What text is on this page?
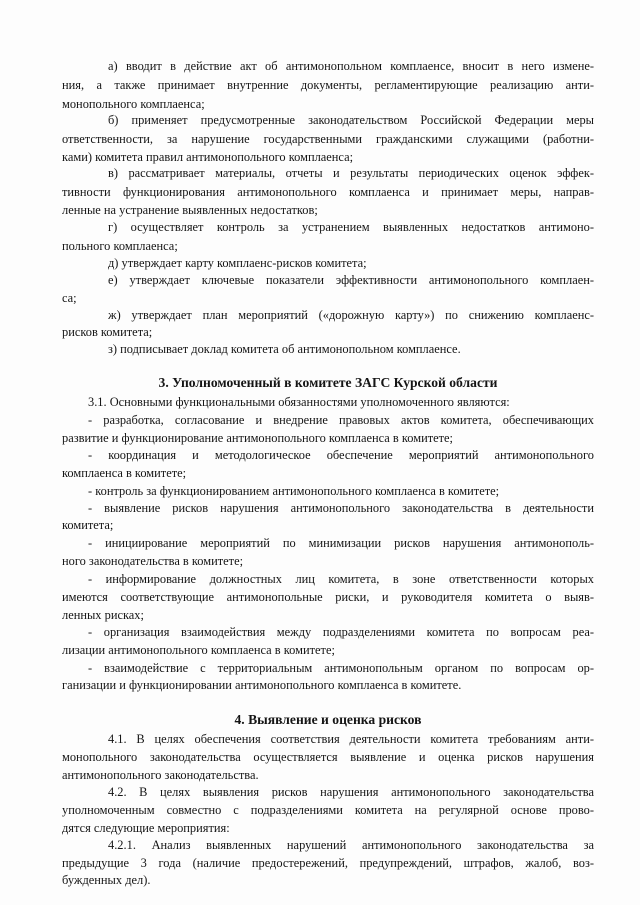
а) вводит в действие акт об антимонопольном комплаенсе, вносит в него измене-

ния, а также принимает внутренние документы, регламентирующие реализацию анти-

монопольного комплаенса;

б) применяет предусмотренные законодательством Российской Федерации меры

ответственности, за нарушение государственными гражданскими служащими (работни-

ками) комитета правил антимонопольного комплаенса;

в) рассматривает материалы, отчеты и результаты периодических оценок эффек-

тивности функционирования антимонопольного комплаенса и принимает меры, направ-

ленные на устранение выявленных недостатков;

г) осуществляет контроль за устранением выявленных недостатков антимоно-

польного комплаенса;

д) утверждает карту комплаенс-рисков комитета;

е) утверждает ключевые показатели эффективности антимонопольного комплаен-

са;

ж) утверждает план мероприятий («дорожную карту») по снижению комплаенс-

рисков комитета;

з) подписывает доклад комитета об антимонопольном комплаенсе.

3. Уполномоченный в комитете ЗАГС Курской области

3.1. Основными функциональными обязанностями уполномоченного являются:

- разработка, согласование и внедрение правовых актов комитета, обеспечивающих

развитие и функционирование антимонопольного комплаенса в комитете;

- координация и методологическое обеспечение мероприятий антимонопольного

комплаенса в комитете;

- контроль за функционированием антимонопольного комплаенса в комитете;

- выявление рисков нарушения антимонопольного законодательства в деятельности

комитета;

- инициирование мероприятий по минимизации рисков нарушения антимонополь-

ного законодательства в комитете;

- информирование должностных лиц комитета, в зоне ответственности которых

имеются соответствующие антимонопольные риски, и руководителя комитета о выяв-

ленных рисках;

- организация взаимодействия между подразделениями комитета по вопросам реа-

лизации антимонопольного комплаенса в комитете;

- взаимодействие с территориальным антимонопольным органом по вопросам ор-

ганизации и функционировании антимонопольного комплаенса в комитете.

4. Выявление и оценка рисков

4.1. В целях обеспечения соответствия деятельности комитета требованиям анти-

монопольного законодательства осуществляется выявление и оценка рисков нарушения

антимонопольного законодательства.

4.2. В целях выявления рисков нарушения антимонопольного законодательства

уполномоченным совместно с подразделениями комитета на регулярной основе прово-

дятся следующие мероприятия:

4.2.1. Анализ выявленных нарушений антимонопольного законодательства за

предыдущие 3 года (наличие предостережений, предупреждений, штрафов, жалоб, воз-

бужденных дел).
